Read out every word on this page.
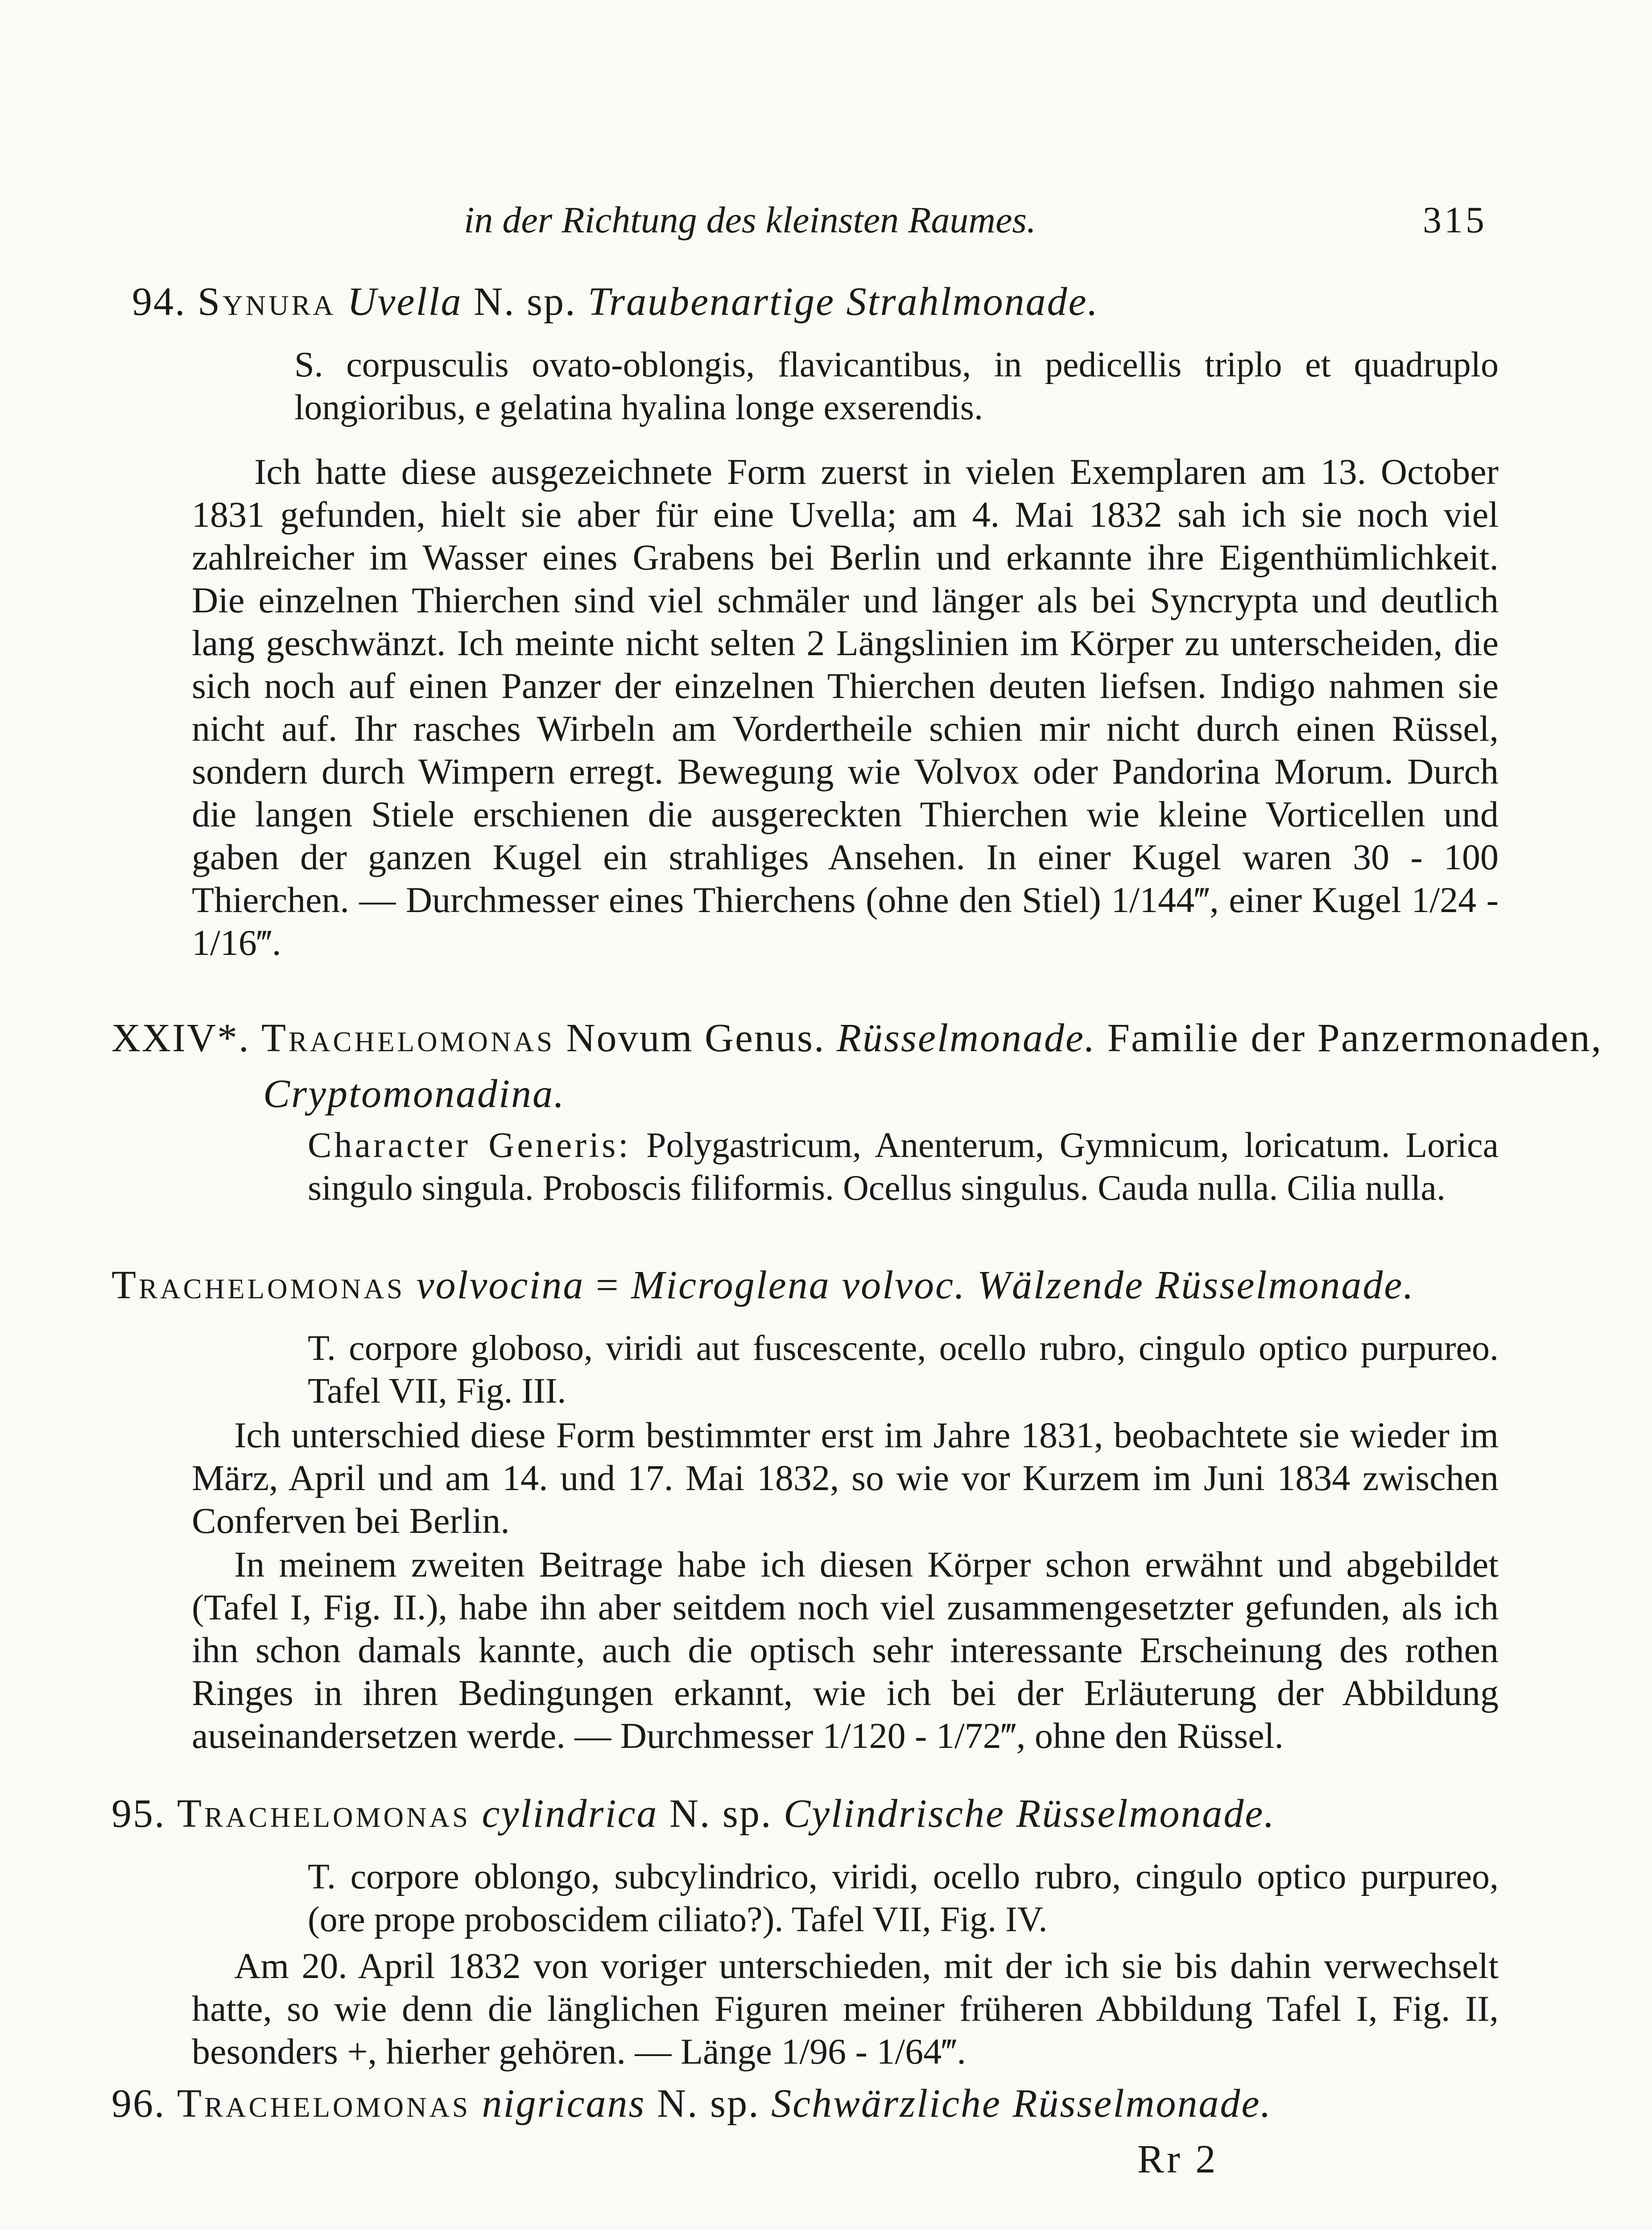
in der Richtung des kleinsten Raumes.	315
94. Synura Uvella N. sp. Traubenartige Strahlmonade.
S. corpusculis ovato-oblongis, flavicantibus, in pedicellis triplo et quadruplo longioribus, e gelatina hyalina longe exserendis.
Ich hatte diese ausgezeichnete Form zuerst in vielen Exemplaren am 13. October 1831 gefunden, hielt sie aber für eine Uvella; am 4. Mai 1832 sah ich sie noch viel zahlreicher im Wasser eines Grabens bei Berlin und erkannte ihre Eigenthümlichkeit. Die einzelnen Thierchen sind viel schmäler und länger als bei Syncrypta und deutlich lang geschwänzt. Ich meinte nicht selten 2 Längslinien im Körper zu unterscheiden, die sich noch auf einen Panzer der einzelnen Thierchen deuten liefsen. Indigo nahmen sie nicht auf. Ihr rasches Wirbeln am Vordertheile schien mir nicht durch einen Rüssel, sondern durch Wimpern erregt. Bewegung wie Volvox oder Pandorina Morum. Durch die langen Stiele erschienen die ausgereckten Thierchen wie kleine Vorticellen und gaben der ganzen Kugel ein strahliges Ansehen. In einer Kugel waren 30 - 100 Thierchen. — Durchmesser eines Thierchens (ohne den Stiel) 1/144‴, einer Kugel 1/24 - 1/16‴.
XXIV*. Trachelomonas Novum Genus. Rüsselmonade. Familie der Panzermonaden, Cryptomonadina.
Character Generis: Polygastricum, Anenterum, Gymnicum, loricatum. Lorica singulo singula. Proboscis filiformis. Ocellus singulus. Cauda nulla. Cilia nulla.
Trachelomonas volvocina = Microglena volvoc. Wälzende Rüsselmonade.
T. corpore globoso, viridi aut fuscescente, ocello rubro, cingulo optico purpureo. Tafel VII, Fig. III.
Ich unterschied diese Form bestimmter erst im Jahre 1831, beobachtete sie wieder im März, April und am 14. und 17. Mai 1832, so wie vor Kurzem im Juni 1834 zwischen Conferven bei Berlin.
In meinem zweiten Beitrage habe ich diesen Körper schon erwähnt und abgebildet (Tafel I, Fig. II.), habe ihn aber seitdem noch viel zusammengesetzter gefunden, als ich ihn schon damals kannte, auch die optisch sehr interessante Erscheinung des rothen Ringes in ihren Bedingungen erkannt, wie ich bei der Erläuterung der Abbildung auseinandersetzen werde. — Durchmesser 1/120 - 1/72‴, ohne den Rüssel.
95. Trachelomonas cylindrica N. sp. Cylindrische Rüsselmonade.
T. corpore oblongo, subcylindrico, viridi, ocello rubro, cingulo optico purpureo, (ore prope proboscidem ciliato?). Tafel VII, Fig. IV.
Am 20. April 1832 von voriger unterschieden, mit der ich sie bis dahin verwechselt hatte, so wie denn die länglichen Figuren meiner früheren Abbildung Tafel I, Fig. II, besonders +, hierher gehören. — Länge 1/96 - 1/64‴.
96. Trachelomonas nigricans N. sp. Schwärzliche Rüsselmonade.
Rr 2
